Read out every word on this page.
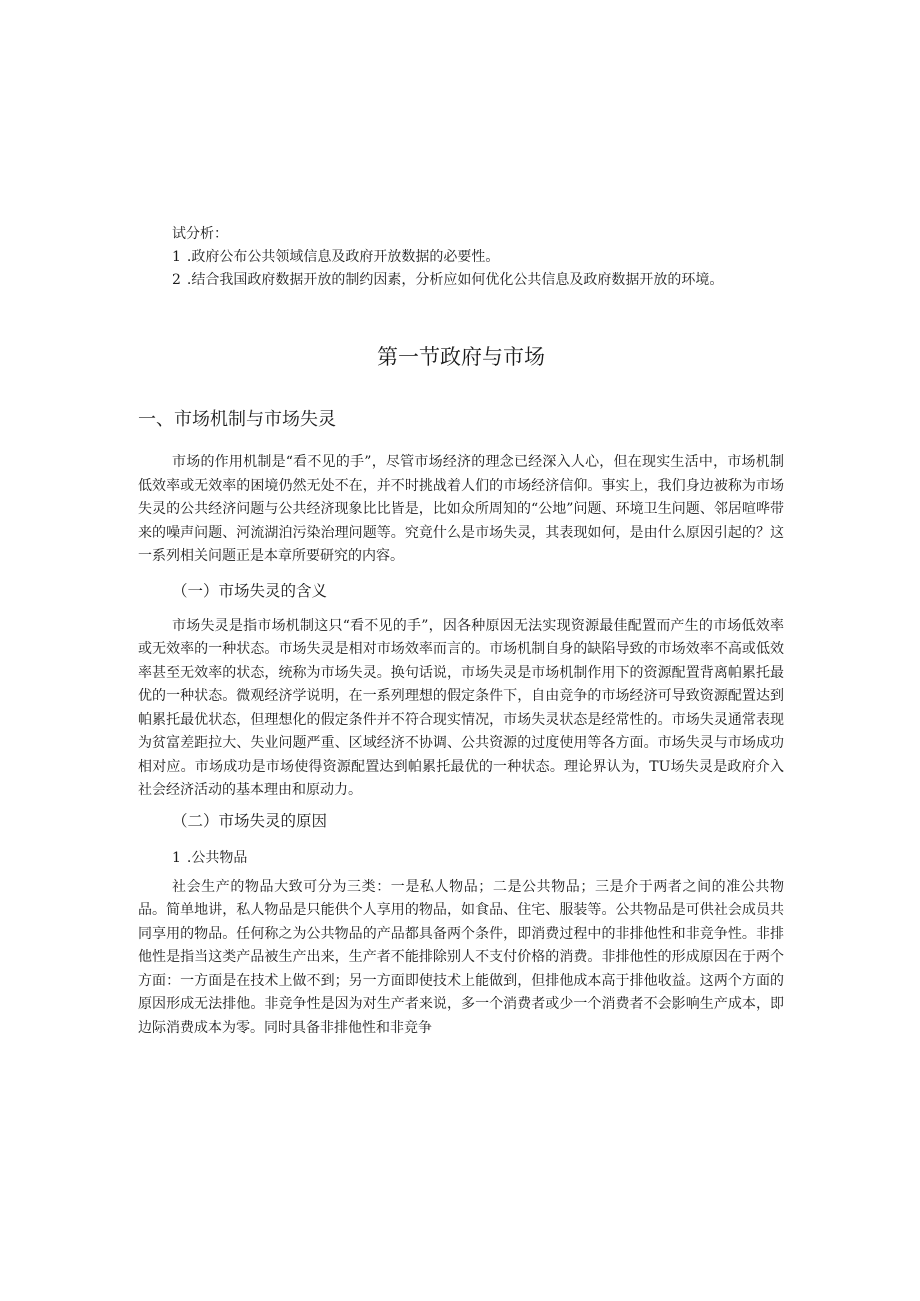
试分析：
1 .政府公布公共领域信息及政府开放数据的必要性。
2 .结合我国政府数据开放的制约因素，分析应如何优化公共信息及政府数据开放的环境。
第一节政府与市场
一、市场机制与市场失灵

市场的作用机制是“看不见的手”，尽管市场经济的理念已经深入人心，但在现实生活中，市场机制低效率或无效率的困境仍然无处不在，并不时挑战着人们的市场经济信仰。事实上，我们身边被称为市场失灵的公共经济问题与公共经济现象比比皆是，比如众所周知的“公地”问题、环境卫生问题、邻居喧哗带来的噪声问题、河流湖泊污染治理问题等。究竟什么是市场失灵，其表现如何，是由什么原因引起的？这一系列相关问题正是本章所要研究的内容。

（一）市场失灵的含义

市场失灵是指市场机制这只“看不见的手”，因各种原因无法实现资源最佳配置而产生的市场低效率或无效率的一种状态。市场失灵是相对市场效率而言的。市场机制自身的缺陷导致的市场效率不高或低效率甚至无效率的状态，统称为市场失灵。换句话说，市场失灵是市场机制作用下的资源配置背离帕累托最优的一种状态。微观经济学说明，在一系列理想的假定条件下，自由竞争的市场经济可导致资源配置达到帕累托最优状态，但理想化的假定条件并不符合现实情况，市场失灵状态是经常性的。市场失灵通常表现为贫富差距拉大、失业问题严重、区域经济不协调、公共资源的过度使用等各方面。市场失灵与市场成功相对应。市场成功是市场使得资源配置达到帕累托最优的一种状态。理论界认为，TU场失灵是政府介入社会经济活动的基本理由和原动力。

（二）市场失灵的原因
1 .公共物品

社会生产的物品大致可分为三类：一是私人物品；二是公共物品；三是介于两者之间的准公共物品。简单地讲，私人物品是只能供个人享用的物品，如食品、住宅、服装等。公共物品是可供社会成员共同享用的物品。任何称之为公共物品的产品都具备两个条件，即消费过程中的非排他性和非竞争性。非排他性是指当这类产品被生产出来，生产者不能排除别人不支付价格的消费。非排他性的形成原因在于两个方面：一方面是在技术上做不到；另一方面即使技术上能做到，但排他成本高于排他收益。这两个方面的原因形成无法排他。非竞争性是因为对生产者来说，多一个消费者或少一个消费者不会影响生产成本，即边际消费成本为零。同时具备非排他性和非竞争
